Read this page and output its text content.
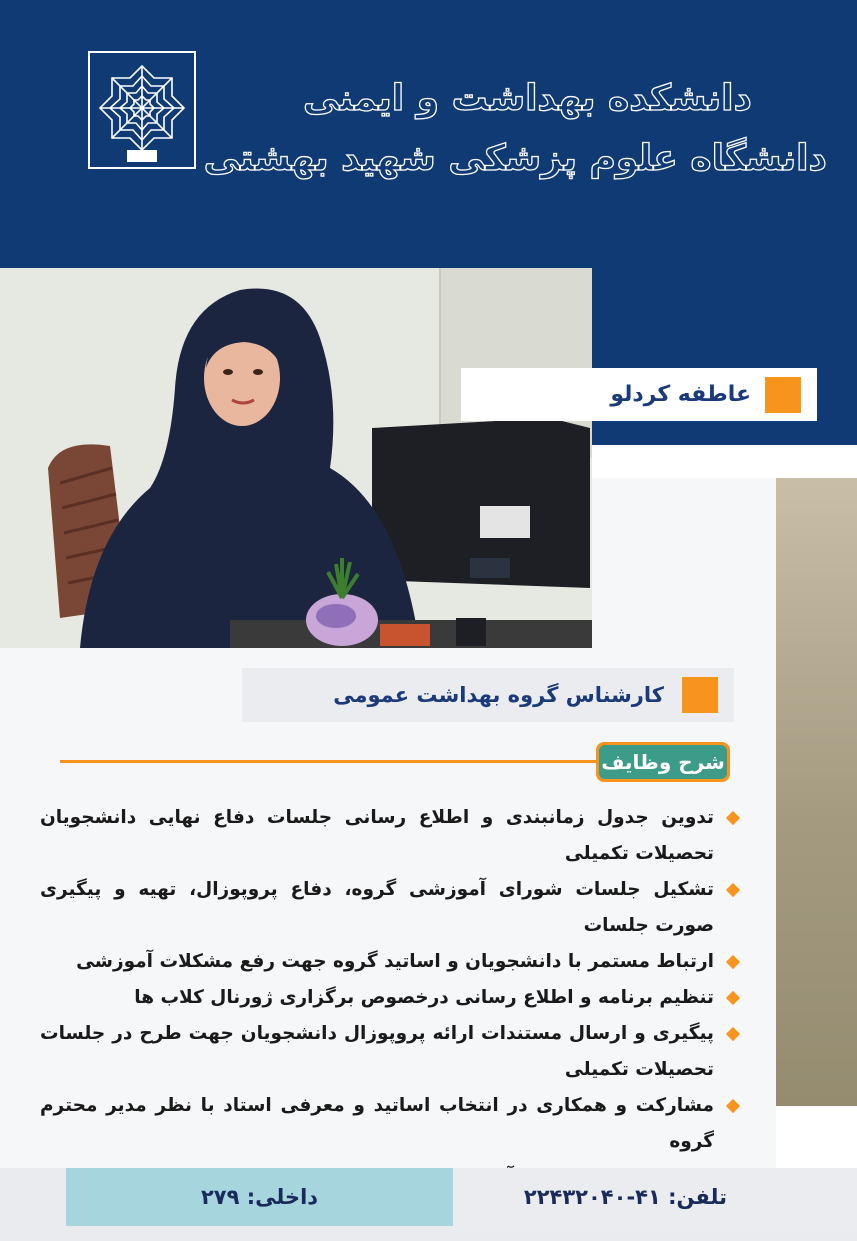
دانشکده بهداشت و ایمنی
دانشگاه علوم پزشکی شهید بهشتی
عاطفه کردلو
کارشناس گروه بهداشت عمومی
شرح وظایف
تدوین جدول زمانبندی و اطلاع رسانی جلسات دفاع نهایی دانشجویان تحصیلات تکمیلی
تشکیل جلسات شورای آموزشی گروه، دفاع پروپوزال، تهیه و پیگیری صورت جلسات
ارتباط مستمر با دانشجویان و اساتید گروه جهت رفع مشکلات آموزشی
تنظیم برنامه و اطلاع رسانی درخصوص برگزاری ژورنال کلاب ها
پیگیری و ارسال مستندات ارائه پروپوزال دانشجویان جهت طرح در جلسات تحصیلات تکمیلی
مشارکت و همکاری در انتخاب اساتید و معرفی استاد با نظر مدیر محترم گروه
داخلی: ۲۷۹	تلفن: ۴۱-۲۲۴۳۲۰۴۰
